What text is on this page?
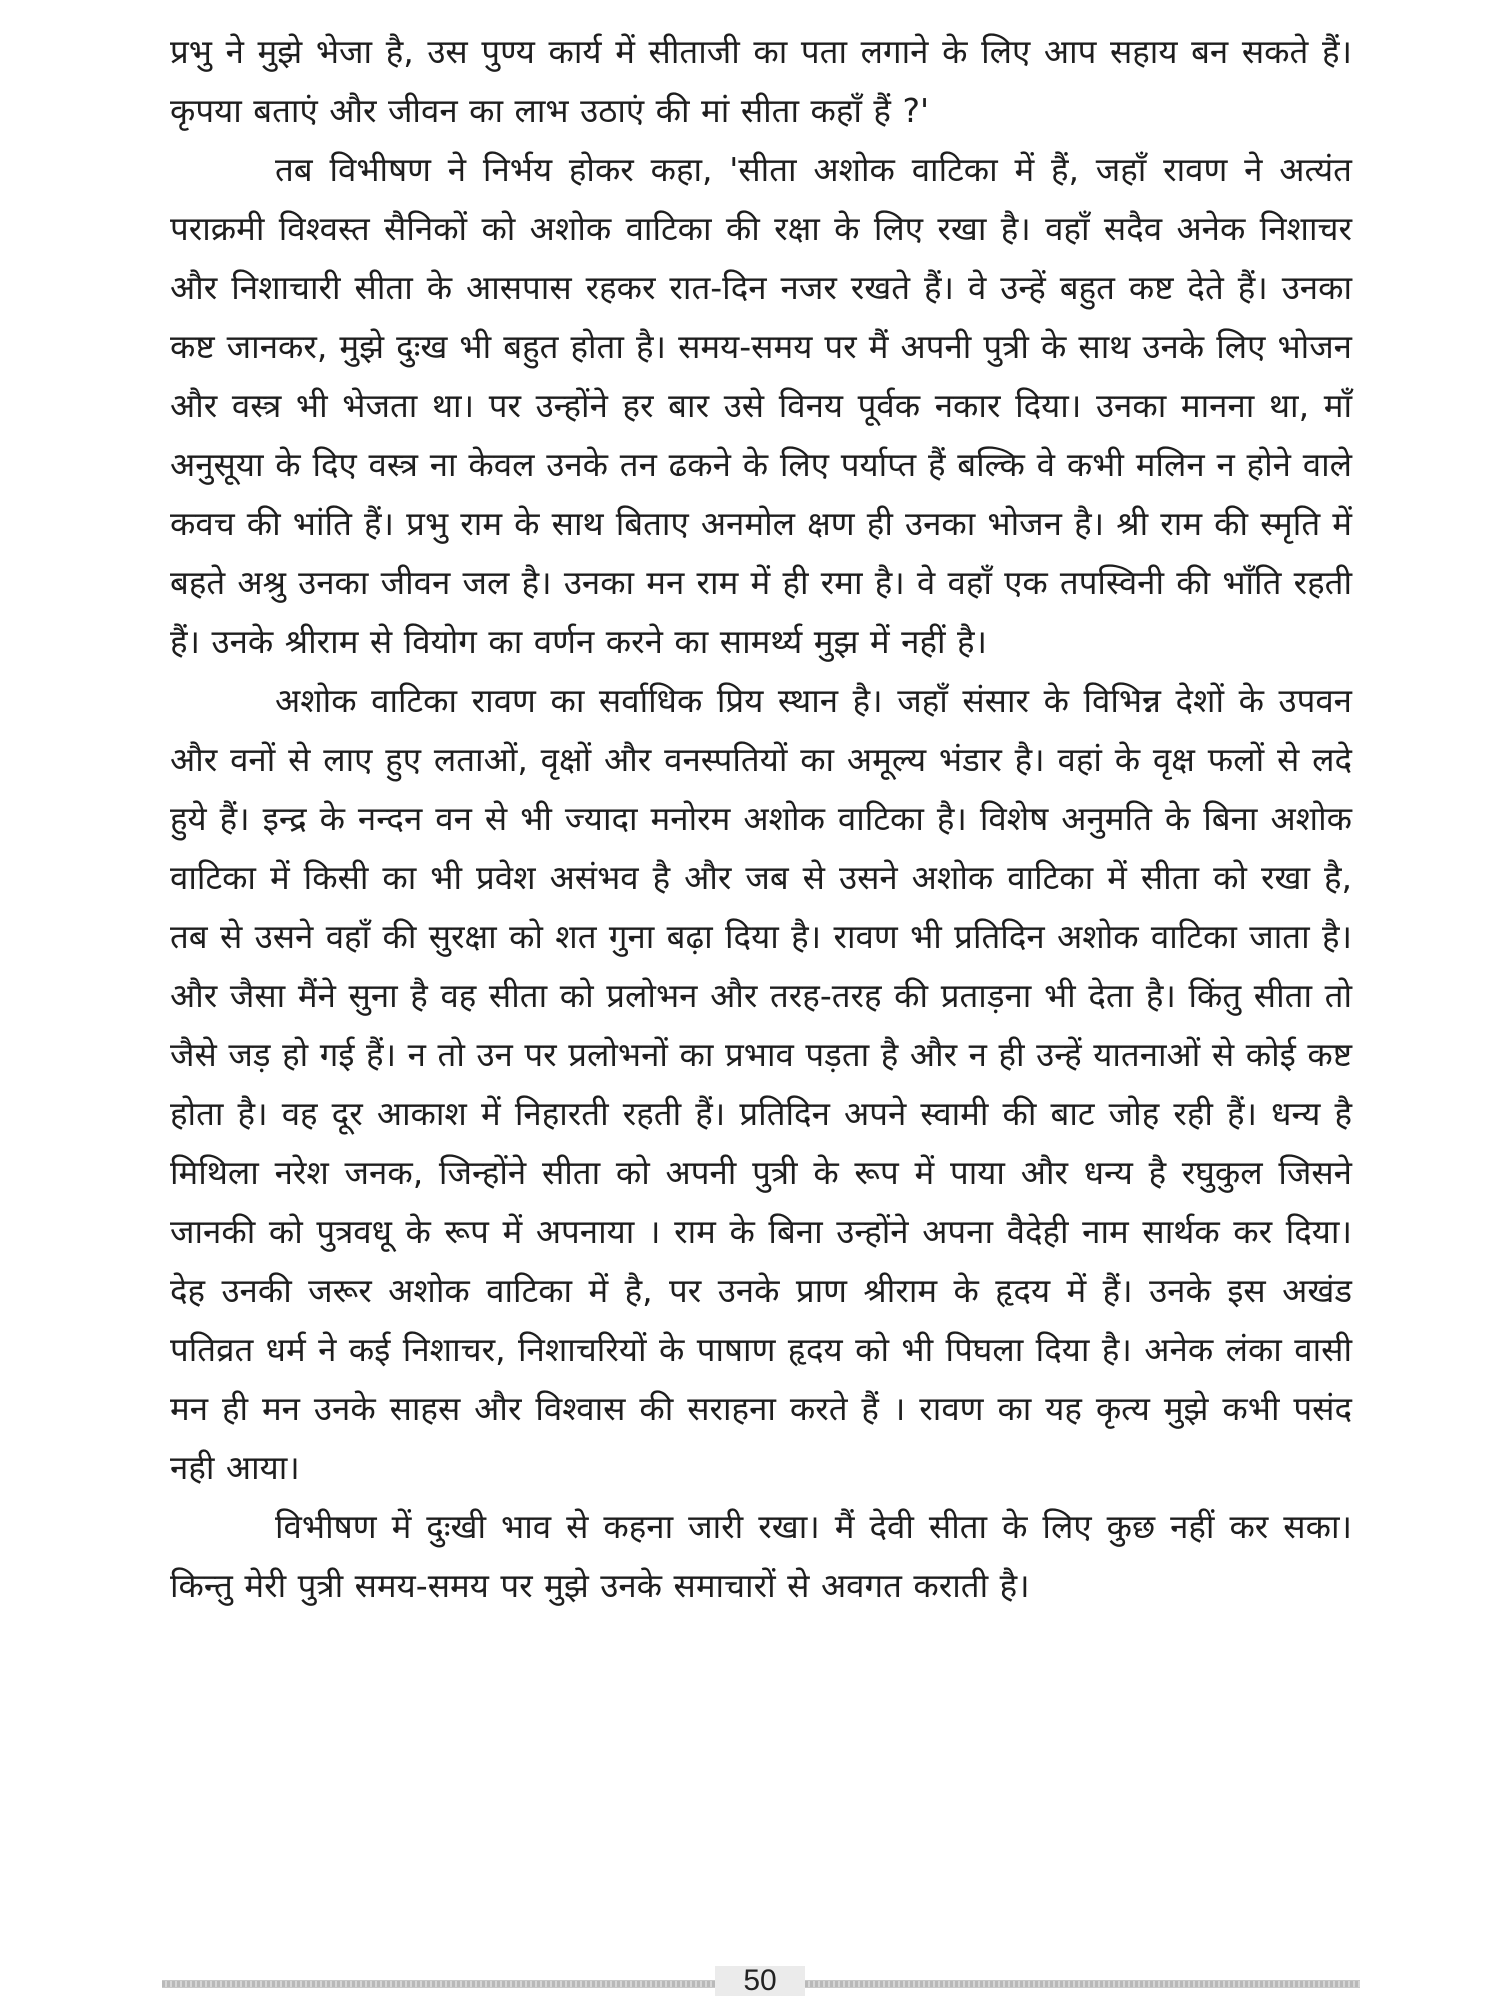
प्रभु ने मुझे भेजा है, उस पुण्य कार्य में सीताजी का पता लगाने के लिए आप सहाय बन सकते हैं। कृपया बताएं और जीवन का लाभ उठाएं की मां सीता कहाँ हैं ?'

तब विभीषण ने निर्भय होकर कहा, 'सीता अशोक वाटिका में हैं, जहाँ रावण ने अत्यंत पराक्रमी विश्वस्त सैनिकों को अशोक वाटिका की रक्षा के लिए रखा है। वहाँ सदैव अनेक निशाचर और निशाचारी सीता के आसपास रहकर रात-दिन नजर रखते हैं। वे उन्हें बहुत कष्ट देते हैं। उनका कष्ट जानकर, मुझे दुःख भी बहुत होता है। समय-समय पर मैं अपनी पुत्री के साथ उनके लिए भोजन और वस्त्र भी भेजता था। पर उन्होंने हर बार उसे विनय पूर्वक नकार दिया। उनका मानना था, माँ अनुसूया के दिए वस्त्र ना केवल उनके तन ढकने के लिए पर्याप्त हैं बल्कि वे कभी मलिन न होने वाले कवच की भांति हैं। प्रभु राम के साथ बिताए अनमोल क्षण ही उनका भोजन है। श्री राम की स्मृति में बहते अश्रु उनका जीवन जल है। उनका मन राम में ही रमा है। वे वहाँ एक तपस्विनी की भाँति रहती हैं। उनके श्रीराम से वियोग का वर्णन करने का सामर्थ्य मुझ में नहीं है।

अशोक वाटिका रावण का सर्वाधिक प्रिय स्थान है। जहाँ संसार के विभिन्न देशों के उपवन और वनों से लाए हुए लताओं, वृक्षों और वनस्पतियों का अमूल्य भंडार है। वहां के वृक्ष फलों से लदे हुये हैं। इन्द्र के नन्दन वन से भी ज्यादा मनोरम अशोक वाटिका है। विशेष अनुमति के बिना अशोक वाटिका में किसी का भी प्रवेश असंभव है और जब से उसने अशोक वाटिका में सीता को रखा है, तब से उसने वहाँ की सुरक्षा को शत गुना बढ़ा दिया है। रावण भी प्रतिदिन अशोक वाटिका जाता है। और जैसा मैंने सुना है वह सीता को प्रलोभन और तरह-तरह की प्रताड़ना भी देता है। किंतु सीता तो जैसे जड़ हो गई हैं। न तो उन पर प्रलोभनों का प्रभाव पड़ता है और न ही उन्हें यातनाओं से कोई कष्ट होता है। वह दूर आकाश में निहारती रहती हैं। प्रतिदिन अपने स्वामी की बाट जोह रही हैं। धन्य है मिथिला नरेश जनक, जिन्होंने सीता को अपनी पुत्री के रूप में पाया और धन्य है रघुकुल जिसने जानकी को पुत्रवधू के रूप में अपनाया । राम के बिना उन्होंने अपना वैदेही नाम सार्थक कर दिया। देह उनकी जरूर अशोक वाटिका में है, पर उनके प्राण श्रीराम के हृदय में हैं। उनके इस अखंड पतिव्रत धर्म ने कई निशाचर, निशाचरियों के पाषाण हृदय को भी पिघला दिया है। अनेक लंका वासी मन ही मन उनके साहस और विश्वास की सराहना करते हैं । रावण का यह कृत्य मुझे कभी पसंद नही आया।

विभीषण में दुःखी भाव से कहना जारी रखा। मैं देवी सीता के लिए कुछ नहीं कर सका। किन्तु मेरी पुत्री समय-समय पर मुझे उनके समाचारों से अवगत कराती है।

50
